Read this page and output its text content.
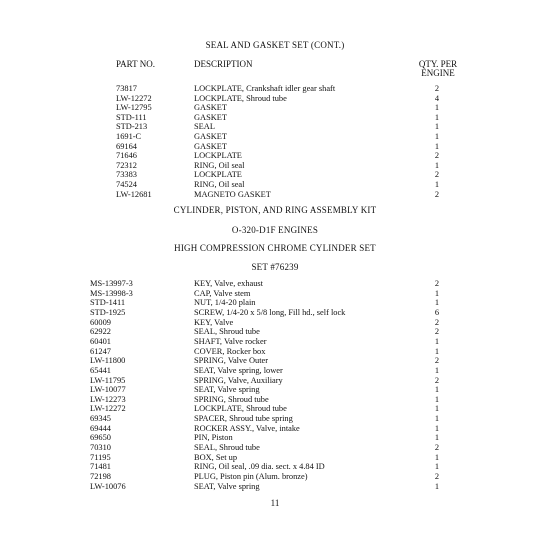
SEAL AND GASKET SET (CONT.)
PART NO.	DESCRIPTION	QTY. PER
ENGINE
73817	LOCKPLATE, Crankshaft idler gear shaft	2
LW-12272	LOCKPLATE, Shroud tube	4
LW-12795	GASKET	1
STD-111	GASKET	1
STD-213	SEAL	1
1691-C	GASKET	1
69164	GASKET	1
71646	LOCKPLATE	2
72312	RING, Oil seal	1
73383	LOCKPLATE	2
74524	RING, Oil seal	1
LW-12681	MAGNETO GASKET	2
CYLINDER, PISTON, AND RING ASSEMBLY KIT
O-320-D1F ENGINES
HIGH COMPRESSION CHROME CYLINDER SET
SET #76239
MS-13997-3	KEY, Valve, exhaust	2
MS-13998-3	CAP, Valve stem	1
STD-1411	NUT, 1/4-20 plain	1
STD-1925	SCREW, 1/4-20 x 5/8 long, Fill hd., self lock	6
60009	KEY, Valve	2
62922	SEAL, Shroud tube	2
60401	SHAFT, Valve rocker	1
61247	COVER, Rocker box	1
LW-11800	SPRING, Valve Outer	2
65441	SEAT, Valve spring, lower	1
LW-11795	SPRING, Valve, Auxiliary	2
LW-10077	SEAT, Valve spring	1
LW-12273	SPRING, Shroud tube	1
LW-12272	LOCKPLATE, Shroud tube	1
69345	SPACER, Shroud tube spring	1
69444	ROCKER ASSY., Valve, intake	1
69650	PIN, Piston	1
70310	SEAL, Shroud tube	2
71195	BOX, Set up	1
71481	RING, Oil seal, .09 dia. sect. x 4.84 ID	1
72198	PLUG, Piston pin (Alum. bronze)	2
LW-10076	SEAT, Valve spring	1
11
